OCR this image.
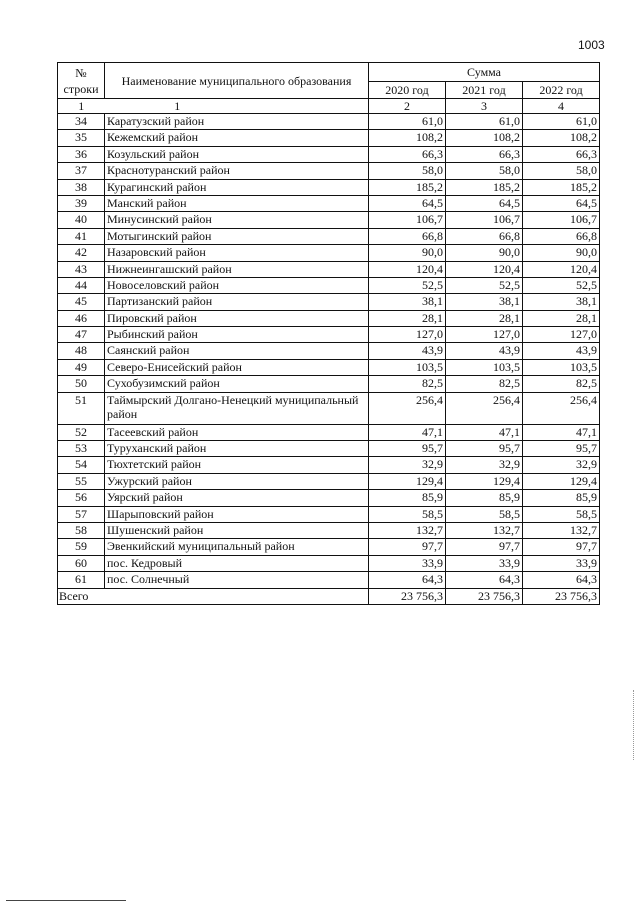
1003
№
строки	Наименование муниципального образования	Сумма		
		2020 год	2021 год	2022 год
1	1	2	3	4
34	Каратузский район	61,0	61,0	61,0
35	Кежемский район	108,2	108,2	108,2
36	Козульский район	66,3	66,3	66,3
37	Краснотуранский район	58,0	58,0	58,0
38	Курагинский район	185,2	185,2	185,2
39	Манский район	64,5	64,5	64,5
40	Минусинский район	106,7	106,7	106,7
41	Мотыгинский район	66,8	66,8	66,8
42	Назаровский район	90,0	90,0	90,0
43	Нижнеингашский район	120,4	120,4	120,4
44	Новоселовский район	52,5	52,5	52,5
45	Партизанский район	38,1	38,1	38,1
46	Пировский район	28,1	28,1	28,1
47	Рыбинский район	127,0	127,0	127,0
48	Саянский район	43,9	43,9	43,9
49	Северо-Енисейский район	103,5	103,5	103,5
50	Сухобузимский район	82,5	82,5	82,5
51	Таймырский Долгано-Ненецкий муниципальный район	256,4	256,4	256,4
52	Тасеевский район	47,1	47,1	47,1
53	Туруханский район	95,7	95,7	95,7
54	Тюхтетский район	32,9	32,9	32,9
55	Ужурский район	129,4	129,4	129,4
56	Уярский район	85,9	85,9	85,9
57	Шарыповский район	58,5	58,5	58,5
58	Шушенский район	132,7	132,7	132,7
59	Эвенкийский муниципальный район	97,7	97,7	97,7
60	пос. Кедровый	33,9	33,9	33,9
61	пос. Солнечный	64,3	64,3	64,3
Всего		23 756,3	23 756,3	23 756,3
